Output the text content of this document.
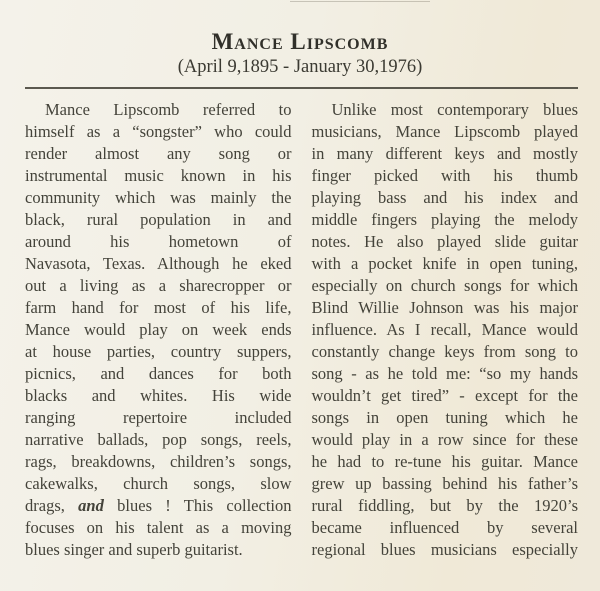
Mance Lipscomb
(April 9,1895 - January 30,1976)
Mance Lipscomb referred to
himself as a “songster” who could
render almost any song or
instrumental music known in his
community which was mainly the
black, rural population in and
around his hometown of
Navasota, Texas. Although he eked
out a living as a sharecropper or
farm hand for most of his life,
Mance would play on week ends
at house parties, country suppers,
picnics, and dances for both
blacks and whites. His wide
ranging repertoire included
narrative ballads, pop songs, reels,
rags, breakdowns, children’s songs,
cakewalks, church songs, slow
drags, and blues ! This collection
focuses on his talent as a moving
blues singer and superb guitarist.
Unlike most contemporary blues
musicians, Mance Lipscomb played
in many different keys and mostly
finger picked with his thumb
playing bass and his index and
middle fingers playing the melody
notes. He also played slide guitar
with a pocket knife in open tuning,
especially on church songs for which
Blind Willie Johnson was his major
influence. As I recall, Mance would
constantly change keys from song to
song - as he told me: “so my hands
wouldn’t get tired” - except for the
songs in open tuning which he
would play in a row since for these
he had to re-tune his guitar. Mance
grew up bassing behind his father’s
rural fiddling, but by the 1920’s
became influenced by several
regional blues musicians especially
